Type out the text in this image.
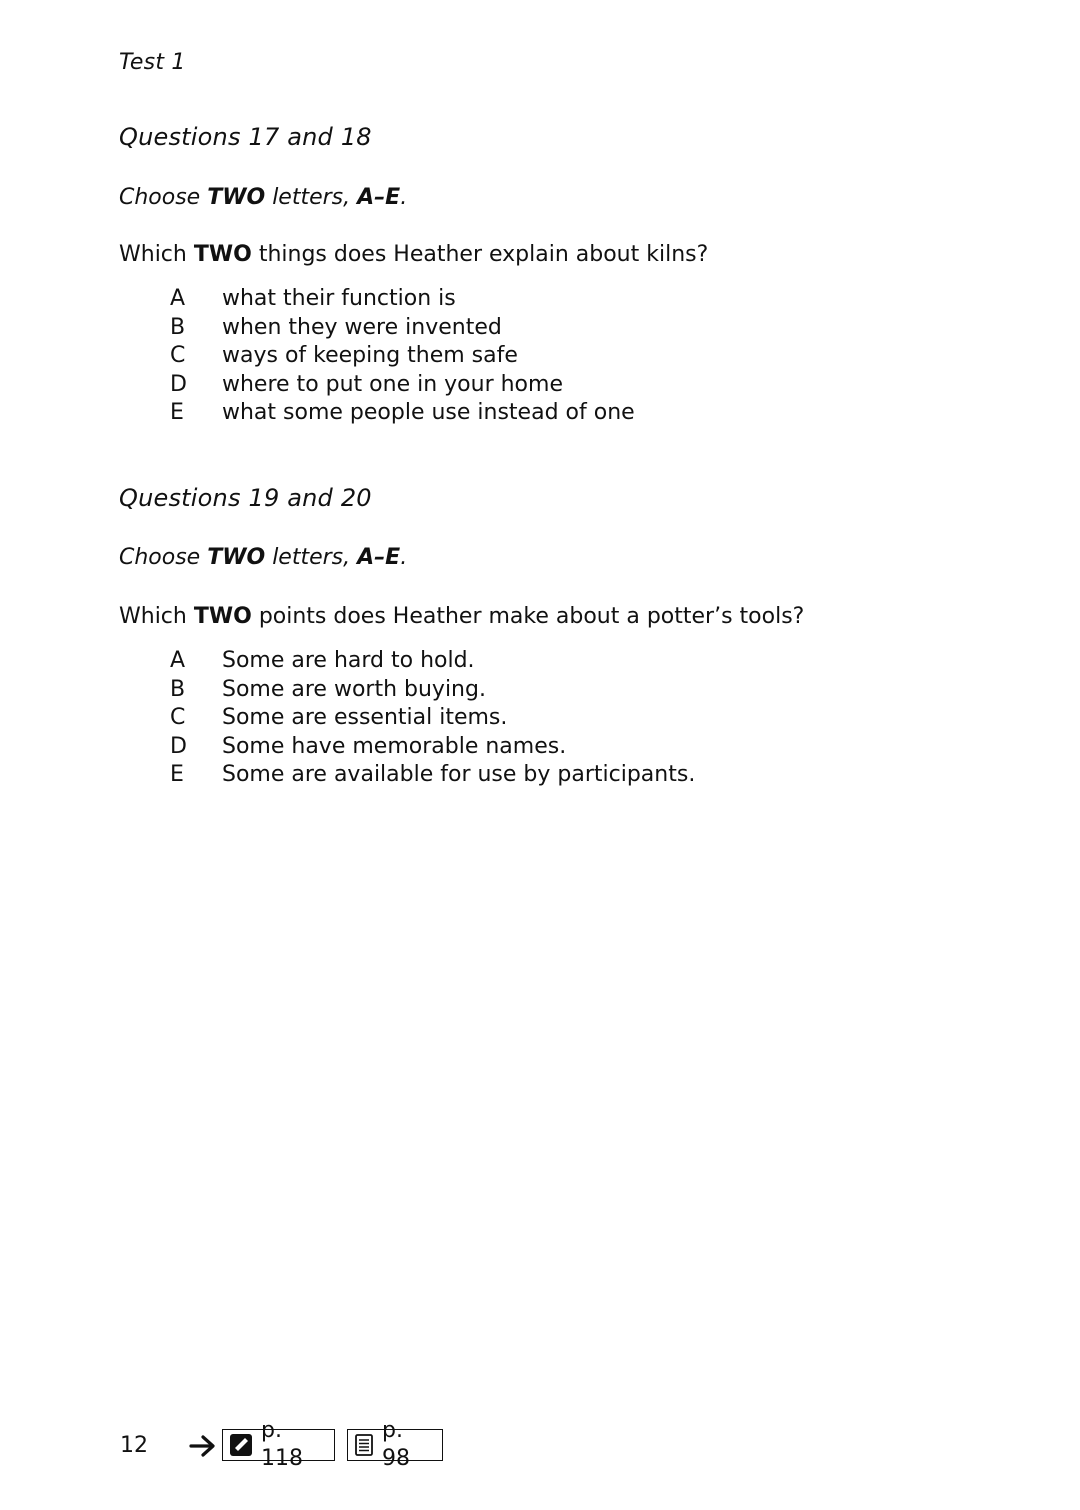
Test 1
Questions 17 and 18
Choose TWO letters, A–E.
Which TWO things does Heather explain about kilns?
A what their function is
B when they were invented
C ways of keeping them safe
D where to put one in your home
E what some people use instead of one
Questions 19 and 20
Choose TWO letters, A–E.
Which TWO points does Heather make about a potter’s tools?
A Some are hard to hold.
B Some are worth buying.
C Some are essential items.
D Some have memorable names.
E Some are available for use by participants.
12
p. 118
p. 98
